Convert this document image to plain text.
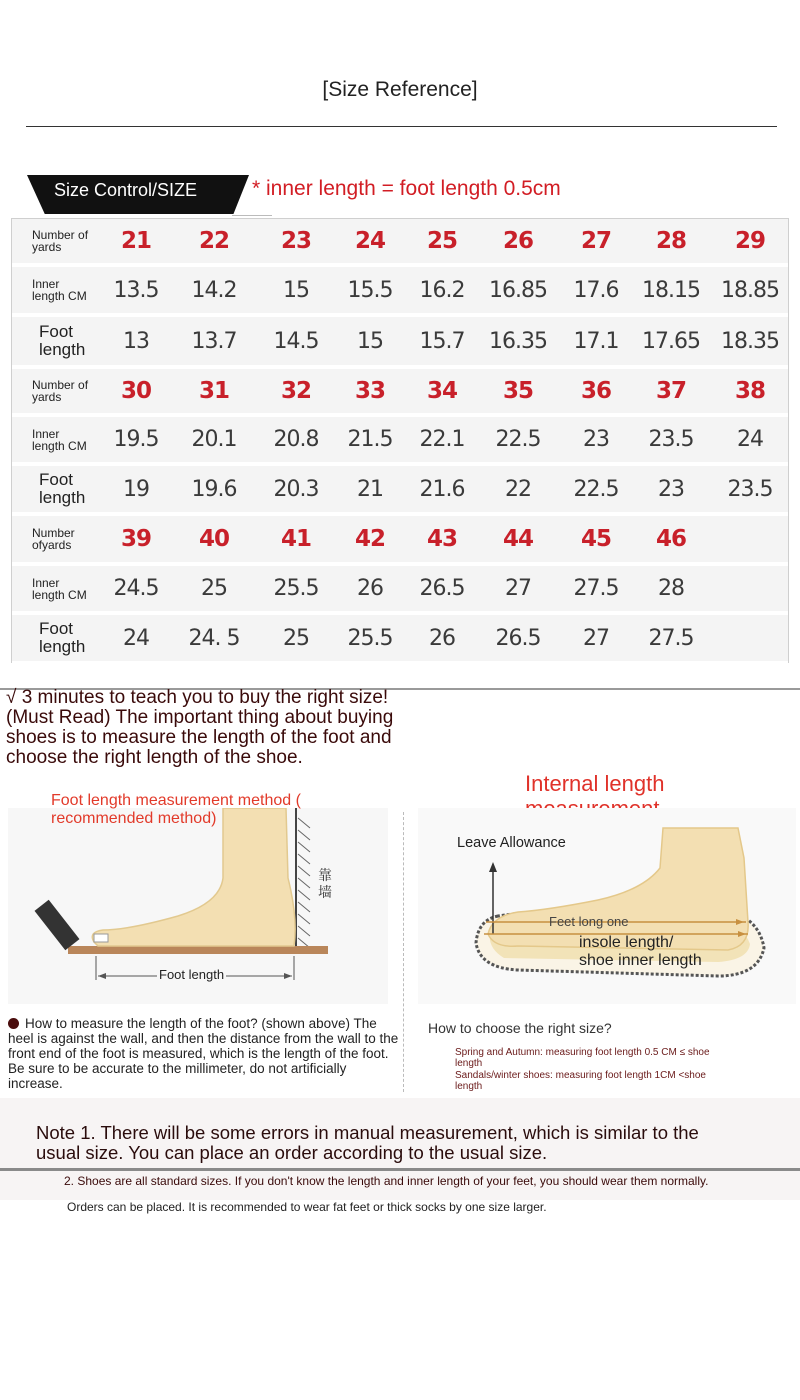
[Size Reference]
Size Control/SIZE	* inner length = foot length 0.5cm
Number of
yards	21	22	23	24	25	26	27	28	29
Inner
length CM	13.5	14.2	15	15.5	16.2	16.85	17.6	18.15 18.85
Foot
length	13	13.7	14.5	15	15.7	16.35	17.1	17.65 18.35
Number of
yards	30	31	32	33	34	35	36	37	38
Inner
length CM	19.5	20.1	20.8	21.5	22.1	22.5	23	23.5	24
Foot
length	19	19.6	20.3	21	21.6	22	22.5	23	23.5
Number
ofyards	39	40	41	42	43	44	45	46
Inner
length CM	24.5	25	25.5	26	26.5	27	27.5	28
Foot
length	24	24. 5	25	25.5	26	26.5	27	27.5
√ 3 minutes to teach you to buy the right size! (Must Read) The important thing about buying shoes is to measure the length of the foot and choose the right length of the shoe.
Internal length
Foot length measurement method ( recommended method)
靠墙
Foot length
Leave Allowance
Feet long one
insole length/
shoe inner length
How to measure the length of the foot? (shown above) The heel is against the wall, and then the distance from the wall to the front end of the foot is measured, which is the length of the foot. Be sure to be accurate to the millimeter, do not artificially increase.
How to choose the right size?
Spring and Autumn: measuring foot length 0.5 CM ≤ shoe length
Sandals/winter shoes: measuring foot length 1CM <shoe length
Note 1. There will be some errors in manual measurement, which is similar to the usual size. You can place an order according to the usual size.
2. Shoes are all standard sizes. If you don't know the length and inner length of your feet, you should wear them normally.
Orders can be placed. It is recommended to wear fat feet or thick socks by one size larger.
